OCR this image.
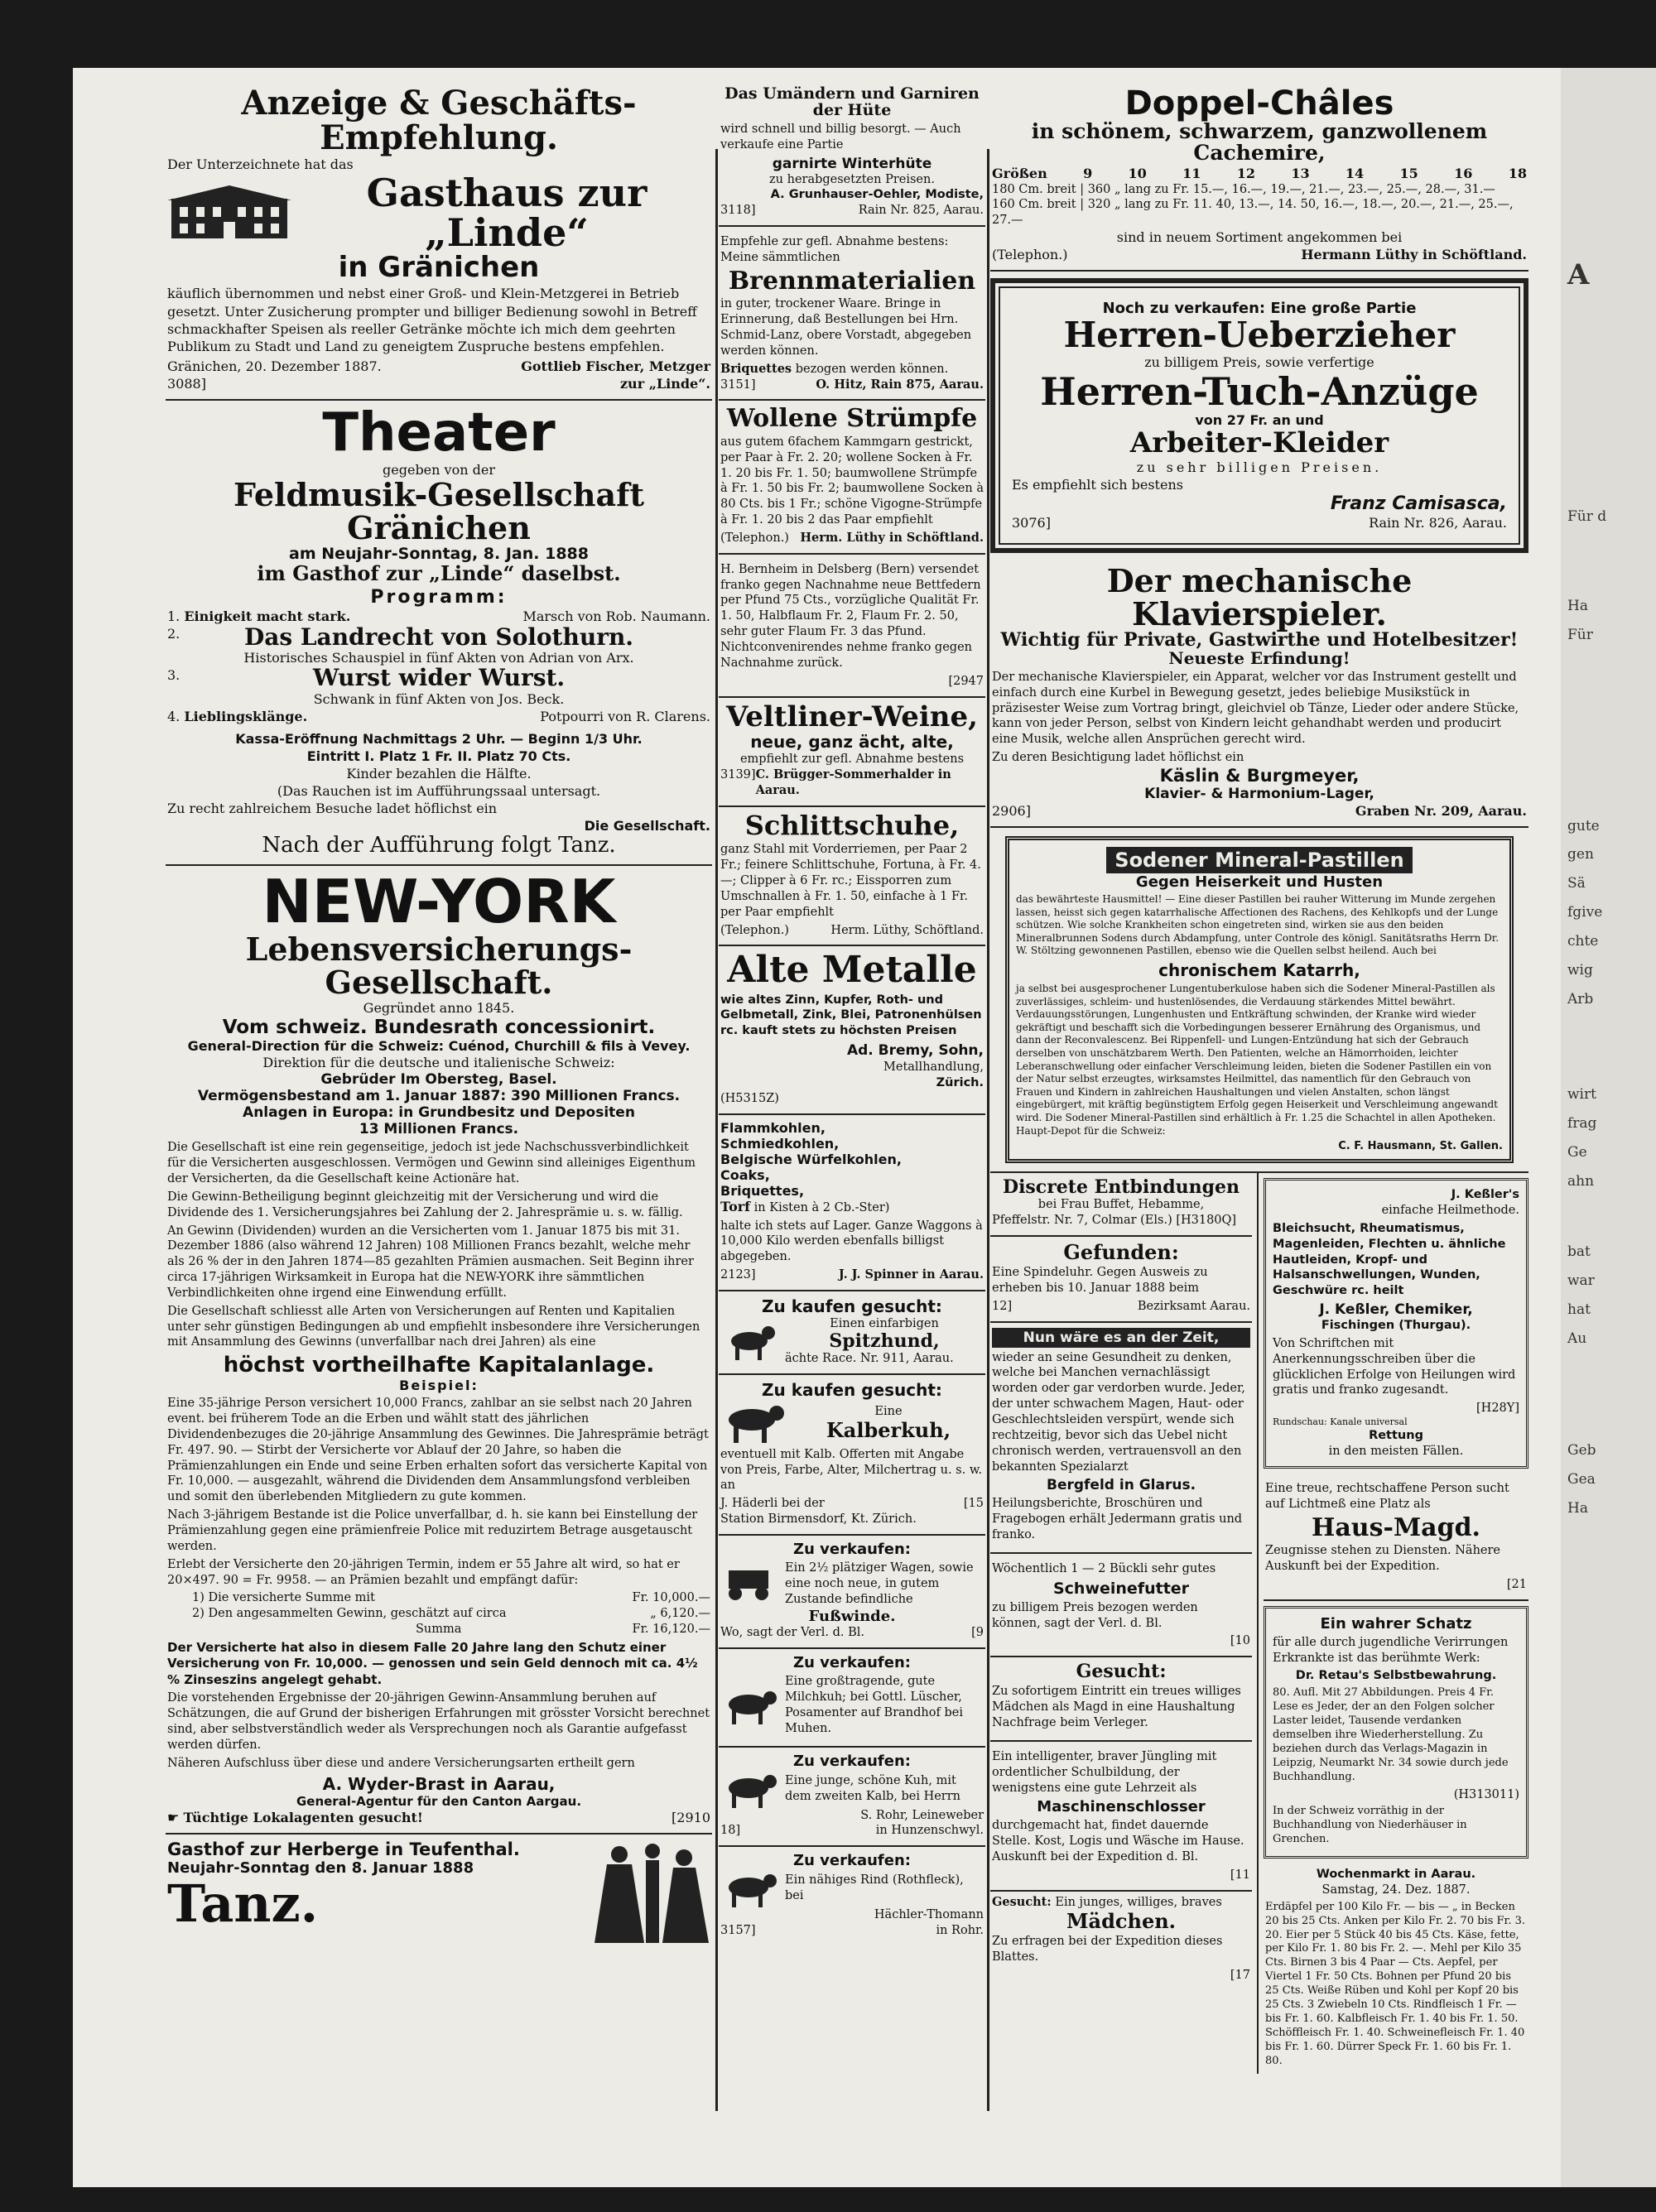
A
Für d
Ha
Für
gute
gen
Sä
fgive
chte
wig
Arb
wirt
frag
Ge
ahn
bat
war
hat
Au
Geb
Gea
Ha
Anzeige & Geschäfts-Empfehlung.
Der Unterzeichnete hat das
Gasthaus zur „Linde“
in Gränichen

käuflich übernommen und nebst einer Groß- und Klein-Metzgerei in Betrieb gesetzt. Unter Zusicherung prompter und billiger Bedienung sowohl in Betreff schmackhafter Speisen als reeller Getränke möchte ich mich dem geehrten Publikum zu Stadt und Land zu geneigtem Zuspruche bestens empfehlen.

Gränichen, 20. Dezember 1887.	Gottlieb Fischer, Metzger
3088]	zur „Linde“.
Theater
gegeben von der
Feldmusik-Gesellschaft Gränichen
am Neujahr-Sonntag, 8. Jan. 1888
im Gasthof zur „Linde“ daselbst.
Programm:
1. Einigkeit macht stark.	Marsch von Rob. Naumann.
2.	Das Landrecht von Solothurn.
Historisches Schauspiel in fünf Akten von Adrian von Arx.
3.	Wurst wider Wurst.
Schwank in fünf Akten von Jos. Beck.
4. Lieblingsklänge.	Potpourri von R. Clarens.
Kassa-Eröffnung Nachmittags 2 Uhr. — Beginn 1/3 Uhr.
Eintritt I. Platz 1 Fr. II. Platz 70 Cts.
Kinder bezahlen die Hälfte.
(Das Rauchen ist im Aufführungssaal untersagt.
Zu recht zahlreichem Besuche ladet höflichst ein
Die Gesellschaft.
Nach der Aufführung folgt Tanz.
NEW-YORK
Lebensversicherungs-Gesellschaft.
Gegründet anno 1845.
Vom schweiz. Bundesrath concessionirt.
General-Direction für die Schweiz: Cuénod, Churchill & fils à Vevey.
Direktion für die deutsche und italienische Schweiz:
Gebrüder Im Obersteg, Basel.
Vermögensbestand am 1. Januar 1887: 390 Millionen Francs.
Anlagen in Europa: in Grundbesitz und Depositen
13 Millionen Francs.

Die Gesellschaft ist eine rein gegenseitige, jedoch ist jede Nachschussverbindlichkeit für die Versicherten ausgeschlossen. Vermögen und Gewinn sind alleiniges Eigenthum der Versicherten, da die Gesellschaft keine Actionäre hat.

Die Gewinn-Betheiligung beginnt gleichzeitig mit der Versicherung und wird die Dividende des 1. Versicherungsjahres bei Zahlung der 2. Jahresprämie u. s. w. fällig.

An Gewinn (Dividenden) wurden an die Versicherten vom 1. Januar 1875 bis mit 31. Dezember 1886 (also während 12 Jahren) 108 Millionen Francs bezahlt, welche mehr als 26 % der in den Jahren 1874—85 gezahlten Prämien ausmachen. Seit Beginn ihrer circa 17-jährigen Wirksamkeit in Europa hat die NEW-YORK ihre sämmtlichen Verbindlichkeiten ohne irgend eine Einwendung erfüllt.

Die Gesellschaft schliesst alle Arten von Versicherungen auf Renten und Kapitalien unter sehr günstigen Bedingungen ab und empfiehlt insbesondere ihre Versicherungen mit Ansammlung des Gewinns (unverfallbar nach drei Jahren) als eine

höchst vortheilhafte Kapitalanlage.
Beispiel:

Eine 35-jährige Person versichert 10,000 Francs, zahlbar an sie selbst nach 20 Jahren event. bei früherem Tode an die Erben und wählt statt des jährlichen Dividendenbezuges die 20-jährige Ansammlung des Gewinnes. Die Jahresprämie beträgt Fr. 497. 90. — Stirbt der Versicherte vor Ablauf der 20 Jahre, so haben die Prämienzahlungen ein Ende und seine Erben erhalten sofort das versicherte Kapital von Fr. 10,000. — ausgezahlt, während die Dividenden dem Ansammlungsfond verbleiben und somit den überlebenden Mitgliedern zu gute kommen.

Nach 3-jährigem Bestande ist die Police unverfallbar, d. h. sie kann bei Einstellung der Prämienzahlung gegen eine prämienfreie Police mit reduzirtem Betrage ausgetauscht werden.

Erlebt der Versicherte den 20-jährigen Termin, indem er 55 Jahre alt wird, so hat er 20×497. 90 = Fr. 9958. — an Prämien bezahlt und empfängt dafür:

1) Die versicherte Summe mit	Fr. 10,000.—
2) Den angesammelten Gewinn, geschätzt auf circa	„ 6,120.—
Summa	Fr. 16,120.—

Der Versicherte hat also in diesem Falle 20 Jahre lang den Schutz einer Versicherung von Fr. 10,000. — genossen und sein Geld dennoch mit ca. 4½ % Zinseszins angelegt gehabt.

Die vorstehenden Ergebnisse der 20-jährigen Gewinn-Ansammlung beruhen auf Schätzungen, die auf Grund der bisherigen Erfahrungen mit grösster Vorsicht berechnet sind, aber selbstverständlich weder als Versprechungen noch als Garantie aufgefasst werden dürfen.

Näheren Aufschluss über diese und andere Versicherungsarten ertheilt gern

A. Wyder-Brast in Aarau,
General-Agentur für den Canton Aargau.
☛ Tüchtige Lokalagenten gesucht!	[2910
Gasthof zur Herberge in Teufenthal.
Neujahr-Sonntag den 8. Januar 1888
Tanz.
Das Umändern und Garniren der Hüte

wird schnell und billig besorgt. — Auch verkaufe eine Partie

garnirte Winterhüte
zu herabgesetzten Preisen.
A. Grunhauser-Oehler, Modiste,
3118]	Rain Nr. 825, Aarau.

Empfehle zur gefl. Abnahme bestens: Meine sämmtlichen

Brennmaterialien

in guter, trockener Waare. Bringe in Erinnerung, daß Bestellungen bei Hrn. Schmid-Lanz, obere Vorstadt, abgegeben werden können.

Briquettes bezogen werden können.
3151]	O. Hitz, Rain 875, Aarau.
Wollene Strümpfe

aus gutem 6fachem Kammgarn gestrickt, per Paar à Fr. 2. 20; wollene Socken à Fr. 1. 20 bis Fr. 1. 50; baumwollene Strümpfe à Fr. 1. 50 bis Fr. 2; baumwollene Socken à 80 Cts. bis 1 Fr.; schöne Vigogne-Strümpfe à Fr. 1. 20 bis 2 das Paar empfiehlt

(Telephon.) Herm. Lüthy in Schöftland.

H. Bernheim in Delsberg (Bern) versendet franko gegen Nachnahme neue Bettfedern per Pfund 75 Cts., vorzügliche Qualität Fr. 1. 50, Halbflaum Fr. 2, Flaum Fr. 2. 50, sehr guter Flaum Fr. 3 das Pfund. Nichtconvenirendes nehme franko gegen Nachnahme zurück.

[2947
Veltliner-Weine,
neue, ganz ächt, alte,
empfiehlt zur gefl. Abnahme bestens
3139] C. Brügger-Sommerhalder in Aarau.
Schlittschuhe,

ganz Stahl mit Vorderriemen, per Paar 2 Fr.; feinere Schlittschuhe, Fortuna, à Fr. 4. —; Clipper à 6 Fr. rc.; Eissporren zum Umschnallen à Fr. 1. 50, einfache à 1 Fr. per Paar empfiehlt

(Telephon.)	Herm. Lüthy, Schöftland.
Alte Metalle

wie altes Zinn, Kupfer, Roth- und Gelbmetall, Zink, Blei, Patronenhülsen rc. kauft stets zu höchsten Preisen

Ad. Bremy, Sohn,
Metallhandlung,
Zürich.
(H5315Z)
Flammkohlen,
Schmiedkohlen,
Belgische Würfelkohlen,
Coaks,
Briquettes,
Torf in Kisten à 2 Cb.-Ster)

halte ich stets auf Lager. Ganze Waggons à 10,000 Kilo werden ebenfalls billigst abgegeben.

2123]	J. J. Spinner in Aarau.
Zu kaufen gesucht:
Einen einfarbigen
Spitzhund,
ächte Race. Nr. 911, Aarau.
Zu kaufen gesucht:
Eine
Kalberkuh,

eventuell mit Kalb. Offerten mit Angabe von Preis, Farbe, Alter, Milchertrag u. s. w. an

J. Häderli bei der	[15
Station Birmensdorf, Kt. Zürich.
Zu verkaufen:

Ein 2½ plätziger Wagen, sowie eine noch neue, in gutem Zustande befindliche

Fußwinde.
Wo, sagt der Verl. d. Bl.	[9
Zu verkaufen:

Eine großtragende, gute Milchkuh; bei Gottl. Lüscher, Posamenter auf Brandhof bei Muhen.

Zu verkaufen:

Eine junge, schöne Kuh, mit dem zweiten Kalb, bei Herrn

S. Rohr, Leineweber
18]	in Hunzenschwyl.
Zu verkaufen:

Ein nähiges Rind (Rothfleck), bei

Hächler-Thomann
3157]	in Rohr.
Doppel-Châles
in schönem, schwarzem, ganzwollenem Cachemire,
Größen	9	10	11	12	13	14	15	16	18
180 Cm. breit | 360 „ lang zu Fr. 15.—, 16.—, 19.—, 21.—, 23.—, 25.—, 28.—, 31.—
160 Cm. breit | 320 „ lang zu Fr. 11. 40, 13.—, 14. 50, 16.—, 18.—, 20.—, 21.—, 25.—, 27.—
sind in neuem Sortiment angekommen bei
(Telephon.)	Hermann Lüthy in Schöftland.
Noch zu verkaufen: Eine große Partie
Herren-Ueberzieher
zu billigem Preis, sowie verfertige
Herren-Tuch-Anzüge
von 27 Fr. an und
Arbeiter-Kleider
zu sehr billigen Preisen.
Es empfiehlt sich bestens
Franz Camisasca,
3076]	Rain Nr. 826, Aarau.
Der mechanische Klavierspieler.
Wichtig für Private, Gastwirthe und Hotelbesitzer!
Neueste Erfindung!

Der mechanische Klavierspieler, ein Apparat, welcher vor das Instrument gestellt und einfach durch eine Kurbel in Bewegung gesetzt, jedes beliebige Musikstück in präzisester Weise zum Vortrag bringt, gleichviel ob Tänze, Lieder oder andere Stücke, kann von jeder Person, selbst von Kindern leicht gehandhabt werden und producirt eine Musik, welche allen Ansprüchen gerecht wird.

Zu deren Besichtigung ladet höflichst ein
Käslin & Burgmeyer,
Klavier- & Harmonium-Lager,
2906]	Graben Nr. 209, Aarau.
Sodener Mineral-Pastillen
Gegen Heiserkeit und Husten

das bewährteste Hausmittel! — Eine dieser Pastillen bei rauher Witterung im Munde zergehen lassen, heisst sich gegen katarrhalische Affectionen des Rachens, des Kehlkopfs und der Lunge schützen. Wie solche Krankheiten schon eingetreten sind, wirken sie aus den beiden Mineralbrunnen Sodens durch Abdampfung, unter Controle des königl. Sanitätsraths Herrn Dr. W. Stöltzing gewonnenen Pastillen, ebenso wie die Quellen selbst heilend. Auch bei

chronischem Katarrh,

ja selbst bei ausgesprochener Lungentuberkulose haben sich die Sodener Mineral-Pastillen als zuverlässiges, schleim- und hustenlösendes, die Verdauung stärkendes Mittel bewährt. Verdauungsstörungen, Lungenhusten und Entkräftung schwinden, der Kranke wird wieder gekräftigt und beschafft sich die Vorbedingungen besserer Ernährung des Organismus, und dann der Reconvalescenz. Bei Rippenfell- und Lungen-Entzündung hat sich der Gebrauch derselben von unschätzbarem Werth. Den Patienten, welche an Hämorrhoiden, leichter Leberanschwellung oder einfacher Verschleimung leiden, bieten die Sodener Pastillen ein von der Natur selbst erzeugtes, wirksamstes Heilmittel, das namentlich für den Gebrauch von Frauen und Kindern in zahlreichen Haushaltungen und vielen Anstalten, schon längst eingebürgert, mit kräftig begünstigtem Erfolg gegen Heiserkeit und Verschleimung angewandt wird. Die Sodener Mineral-Pastillen sind erhältlich à Fr. 1.25 die Schachtel in allen Apotheken. Haupt-Depot für die Schweiz:

C. F. Hausmann, St. Gallen.
Discrete Entbindungen
bei Frau Buffet, Hebamme,
Pfeffelstr. Nr. 7, Colmar (Els.) [H3180Q]
Gefunden:

Eine Spindeluhr. Gegen Ausweis zu erheben bis 10. Januar 1888 beim

12]	Bezirksamt Aarau.
Nun wäre es an der Zeit,

wieder an seine Gesundheit zu denken, welche bei Manchen vernachlässigt worden oder gar verdorben wurde. Jeder, der unter schwachem Magen, Haut- oder Geschlechtsleiden verspürt, wende sich rechtzeitig, bevor sich das Uebel nicht chronisch werden, vertrauensvoll an den bekannten Spezialarzt

Bergfeld in Glarus.

Heilungsberichte, Broschüren und Fragebogen erhält Jedermann gratis und franko.

Wöchentlich 1 — 2 Bückli sehr gutes

Schweinefutter

zu billigem Preis bezogen werden können, sagt der Verl. d. Bl.

[10
Gesucht:

Zu sofortigem Eintritt ein treues williges Mädchen als Magd in eine Haushaltung Nachfrage beim Verleger.

Ein intelligenter, braver Jüngling mit ordentlicher Schulbildung, der wenigstens eine gute Lehrzeit als

Maschinenschlosser

durchgemacht hat, findet dauernde Stelle. Kost, Logis und Wäsche im Hause. Auskunft bei der Expedition d. Bl.

[11
Gesucht: Ein junges, williges, braves
Mädchen.

Zu erfragen bei der Expedition dieses Blattes.

[17
J. Keßler's
einfache Heilmethode.

Bleichsucht, Rheumatismus, Magenleiden, Flechten u. ähnliche Hautleiden, Kropf- und Halsanschwellungen, Wunden, Geschwüre rc. heilt

J. Keßler, Chemiker,
Fischingen (Thurgau).

Von Schriftchen mit Anerkennungsschreiben über die glücklichen Erfolge von Heilungen wird gratis und franko zugesandt.

[H28Y]
Rundschau: Kanale universal
Rettung
in den meisten Fällen.

Eine treue, rechtschaffene Person sucht auf Lichtmeß eine Platz als

Haus-Magd.

Zeugnisse stehen zu Diensten. Nähere Auskunft bei der Expedition.

[21
Ein wahrer Schatz

für alle durch jugendliche Verirrungen Erkrankte ist das berühmte Werk:

Dr. Retau's Selbstbewahrung.

80. Aufl. Mit 27 Abbildungen. Preis 4 Fr. Lese es Jeder, der an den Folgen solcher Laster leidet, Tausende verdanken demselben ihre Wiederherstellung. Zu beziehen durch das Verlags-Magazin in Leipzig, Neumarkt Nr. 34 sowie durch jede Buchhandlung.

(H313011)

In der Schweiz vorräthig in der Buchhandlung von Niederhäuser in Grenchen.

Wochenmarkt in Aarau.
Samstag, 24. Dez. 1887.

Erdäpfel per 100 Kilo Fr. — bis — „ in Becken 20 bis 25 Cts. Anken per Kilo Fr. 2. 70 bis Fr. 3. 20. Eier per 5 Stück 40 bis 45 Cts. Käse, fette, per Kilo Fr. 1. 80 bis Fr. 2. —. Mehl per Kilo 35 Cts. Birnen 3 bis 4 Paar — Cts. Aepfel, per Viertel 1 Fr. 50 Cts. Bohnen per Pfund 20 bis 25 Cts. Weiße Rüben und Kohl per Kopf 20 bis 25 Cts. 3 Zwiebeln 10 Cts. Rindfleisch 1 Fr. — bis Fr. 1. 60. Kalbfleisch Fr. 1. 40 bis Fr. 1. 50. Schöffleisch Fr. 1. 40. Schweinefleisch Fr. 1. 40 bis Fr. 1. 60. Dürrer Speck Fr. 1. 60 bis Fr. 1. 80.
